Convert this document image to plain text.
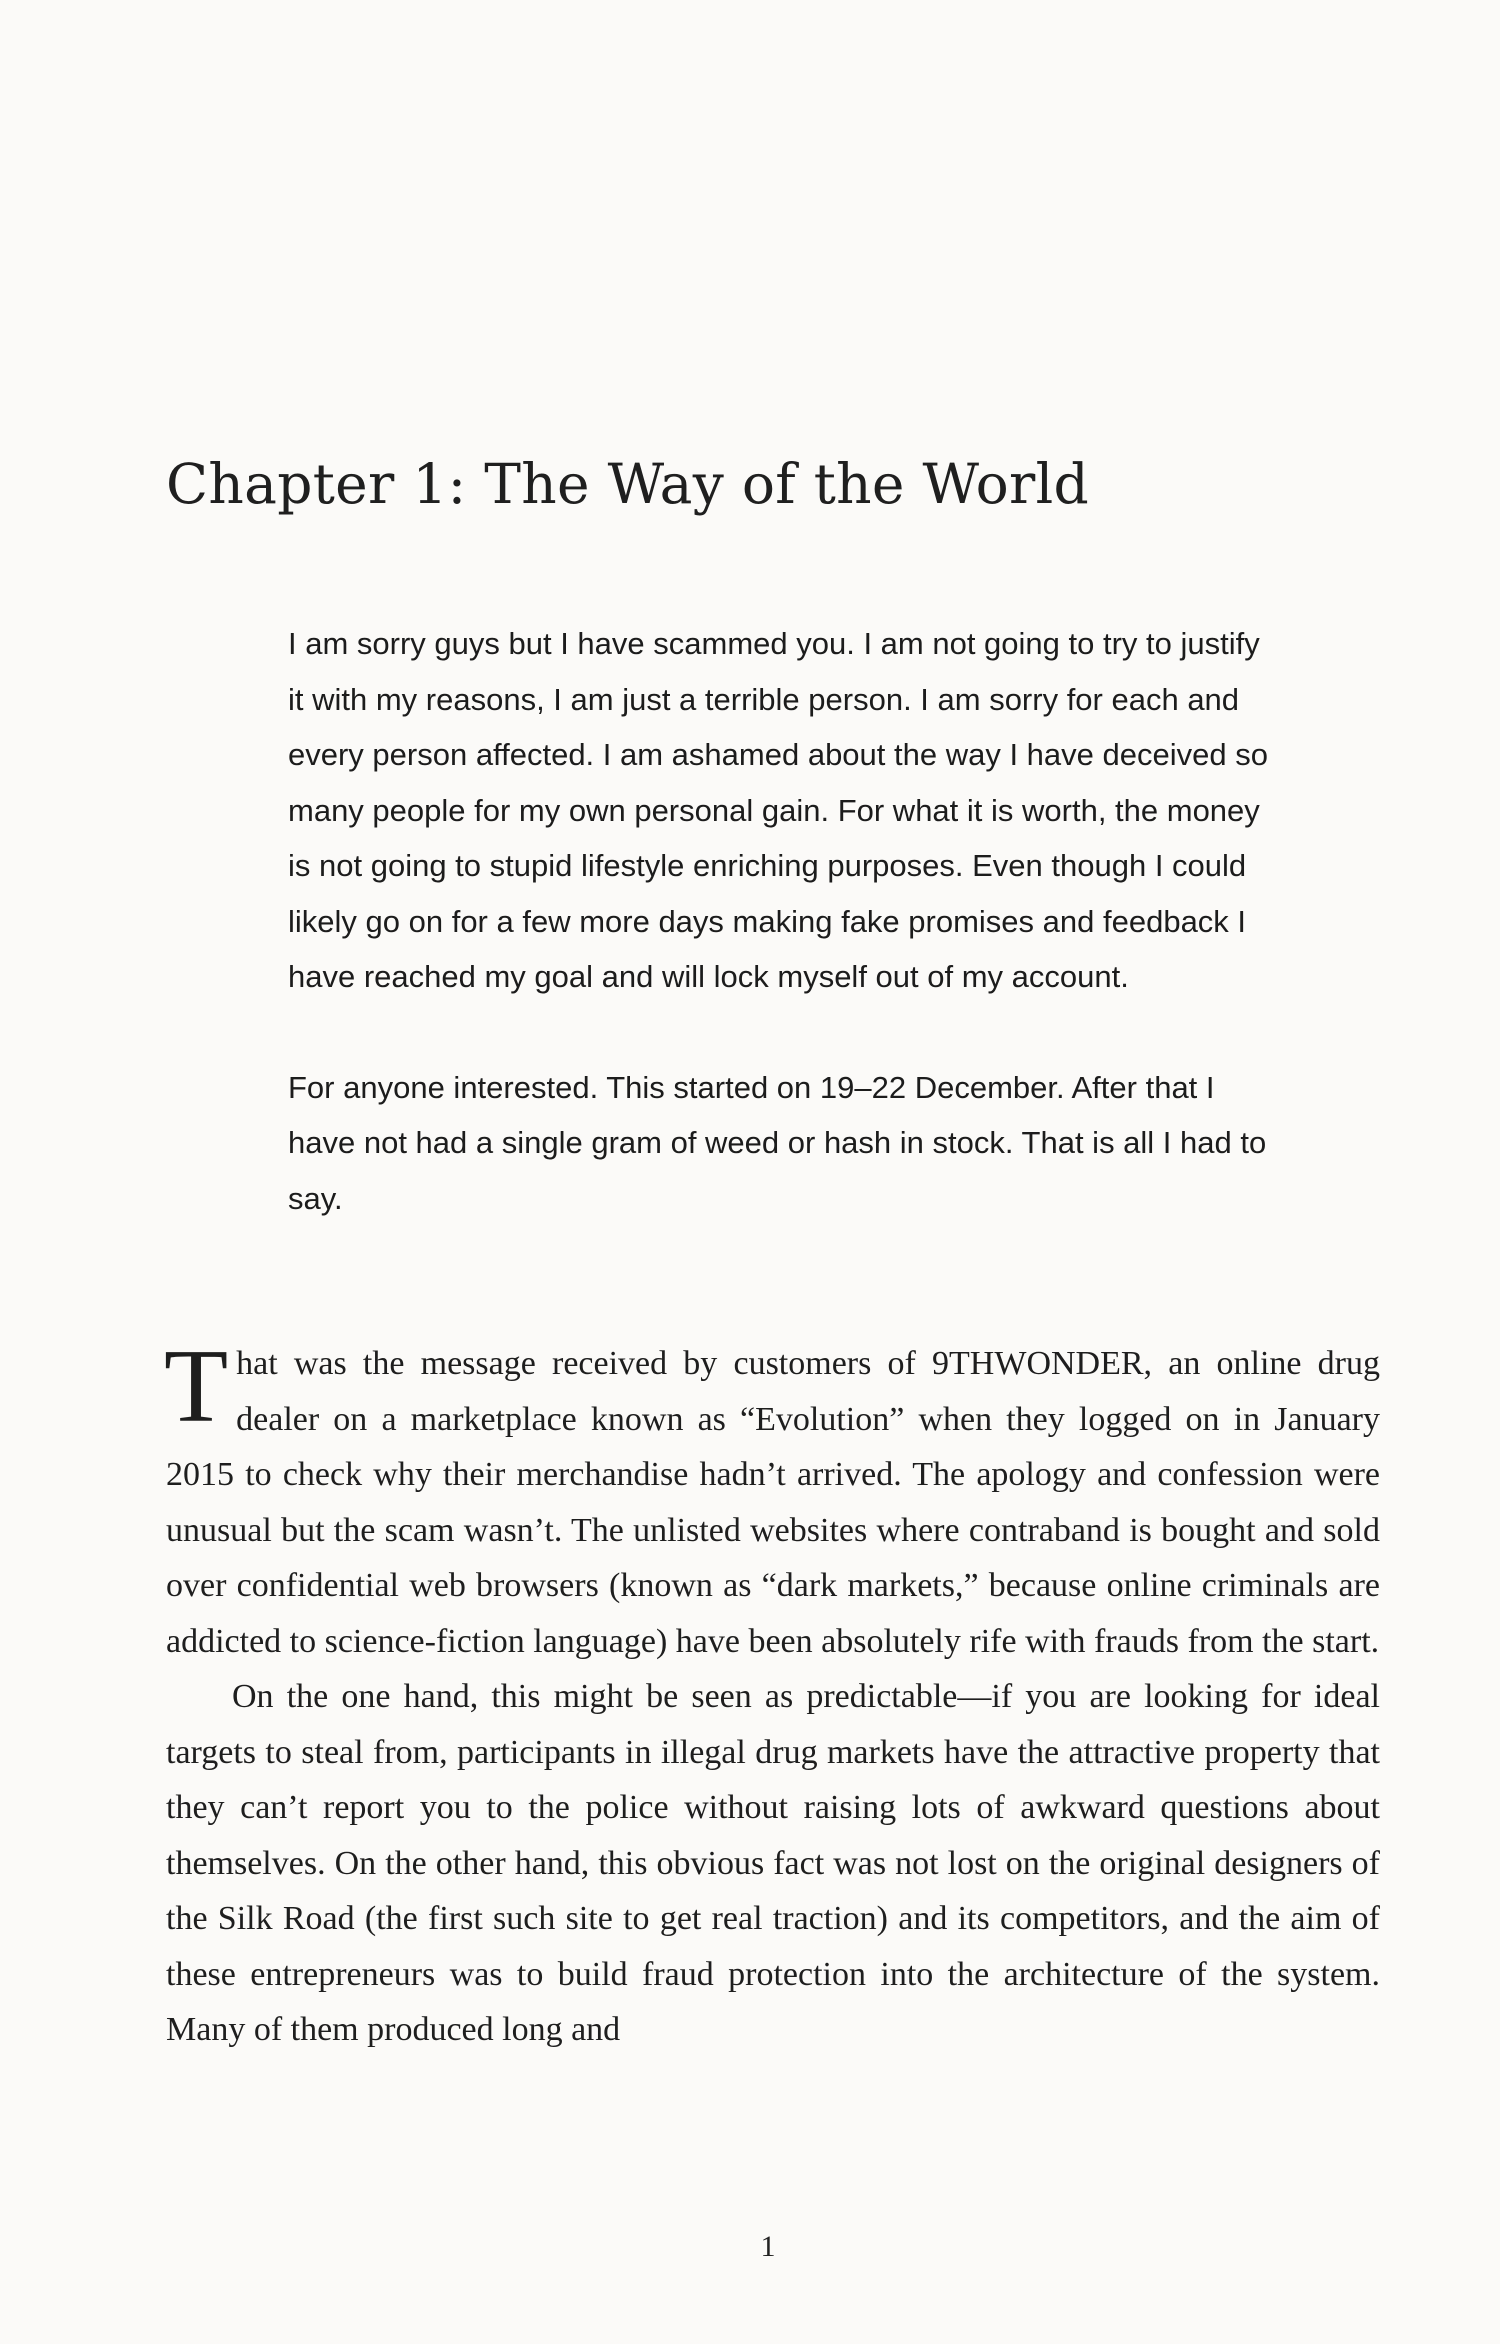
Chapter 1: The Way of the World

I am sorry guys but I have scammed you. I am not going to try to justify it with my reasons, I am just a terrible person. I am sorry for each and every person affected. I am ashamed about the way I have deceived so many people for my own personal gain. For what it is worth, the money is not going to stupid lifestyle enriching purposes. Even though I could likely go on for a few more days making fake promises and feedback I have reached my goal and will lock myself out of my account.

For anyone interested. This started on 19–22 December. After that I have not had a single gram of weed or hash in stock. That is all I had to say.

That was the message received by customers of 9THWONDER, an online drug dealer on a marketplace known as “Evolution” when they logged on in January 2015 to check why their merchandise hadn’t arrived. The apology and confession were unusual but the scam wasn’t. The unlisted websites where contraband is bought and sold over confidential web browsers (known as “dark markets,” because online criminals are addicted to science-fiction language) have been absolutely rife with frauds from the start.

On the one hand, this might be seen as predictable—if you are looking for ideal targets to steal from, participants in illegal drug markets have the attractive property that they can’t report you to the police without raising lots of awkward questions about themselves. On the other hand, this obvious fact was not lost on the original designers of the Silk Road (the first such site to get real traction) and its competitors, and the aim of these entrepreneurs was to build fraud protection into the architecture of the system. Many of them produced long and

1
